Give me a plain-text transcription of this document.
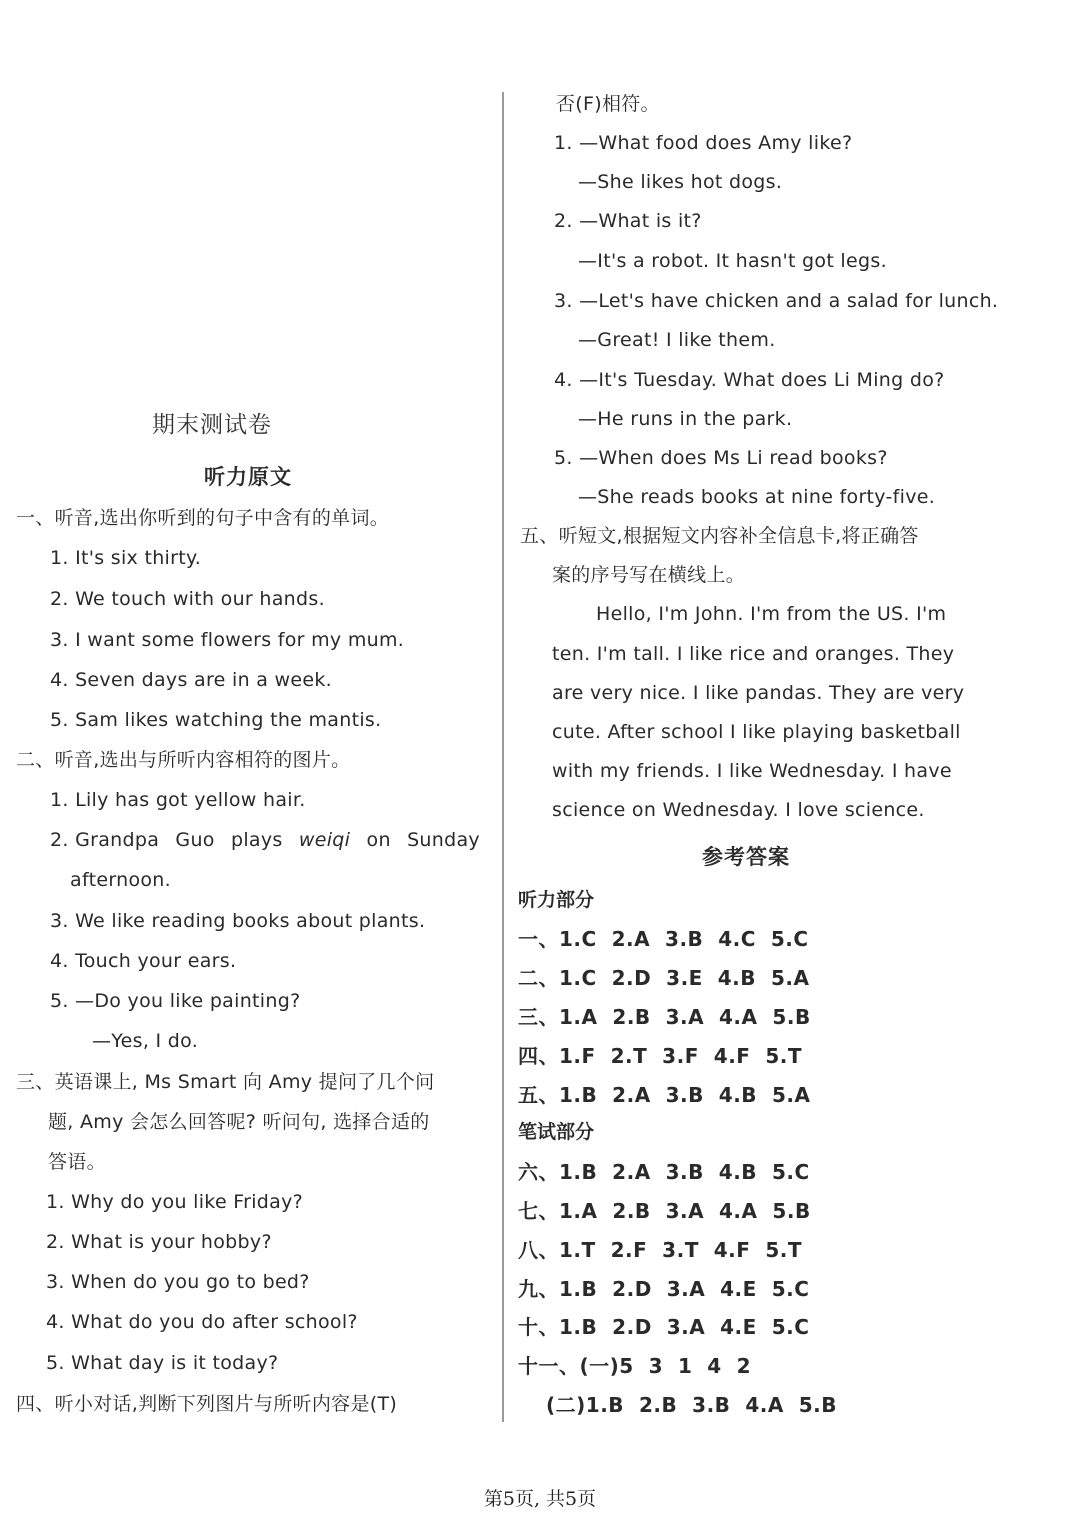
期末测试卷
听力原文
一、听音,选出你听到的句子中含有的单词。
1. It's six thirty.
2. We touch with our hands.
3. I want some flowers for my mum.
4. Seven days are in a week.
5. Sam likes watching the mantis.
二、听音,选出与所听内容相符的图片。
1. Lily has got yellow hair.
2. Grandpa Guo plays weiqi on Sunday
afternoon.
3. We like reading books about plants.
4. Touch your ears.
5. —Do you like painting?
—Yes, I do.
三、英语课上, Ms Smart 向 Amy 提问了几个问
题, Amy 会怎么回答呢? 听问句, 选择合适的
答语。
1. Why do you like Friday?
2. What is your hobby?
3. When do you go to bed?
4. What do you do after school?
5. What day is it today?
四、听小对话,判断下列图片与所听内容是(T)
否(F)相符。
1. —What food does Amy like?
—She likes hot dogs.
2. —What is it?
—It's a robot. It hasn't got legs.
3. —Let's have chicken and a salad for lunch.
—Great! I like them.
4. —It's Tuesday. What does Li Ming do?
—He runs in the park.
5. —When does Ms Li read books?
—She reads books at nine forty-five.
五、听短文,根据短文内容补全信息卡,将正确答
案的序号写在横线上。
Hello, I'm John. I'm from the US. I'm
ten. I'm tall. I like rice and oranges. They
are very nice. I like pandas. They are very
cute. After school I like playing basketball
with my friends. I like Wednesday. I have
science on Wednesday. I love science.
参考答案
听力部分
一、1.C  2.A  3.B  4.C  5.C
二、1.C  2.D  3.E  4.B  5.A
三、1.A  2.B  3.A  4.A  5.B
四、1.F  2.T  3.F  4.F  5.T
五、1.B  2.A  3.B  4.B  5.A
笔试部分
六、1.B  2.A  3.B  4.B  5.C
七、1.A  2.B  3.A  4.A  5.B
八、1.T  2.F  3.T  4.F  5.T
九、1.B  2.D  3.A  4.E  5.C
十、1.B  2.D  3.A  4.E  5.C
十一、(一)5  3  1  4  2
(二)1.B  2.B  3.B  4.A  5.B
第5页, 共5页
